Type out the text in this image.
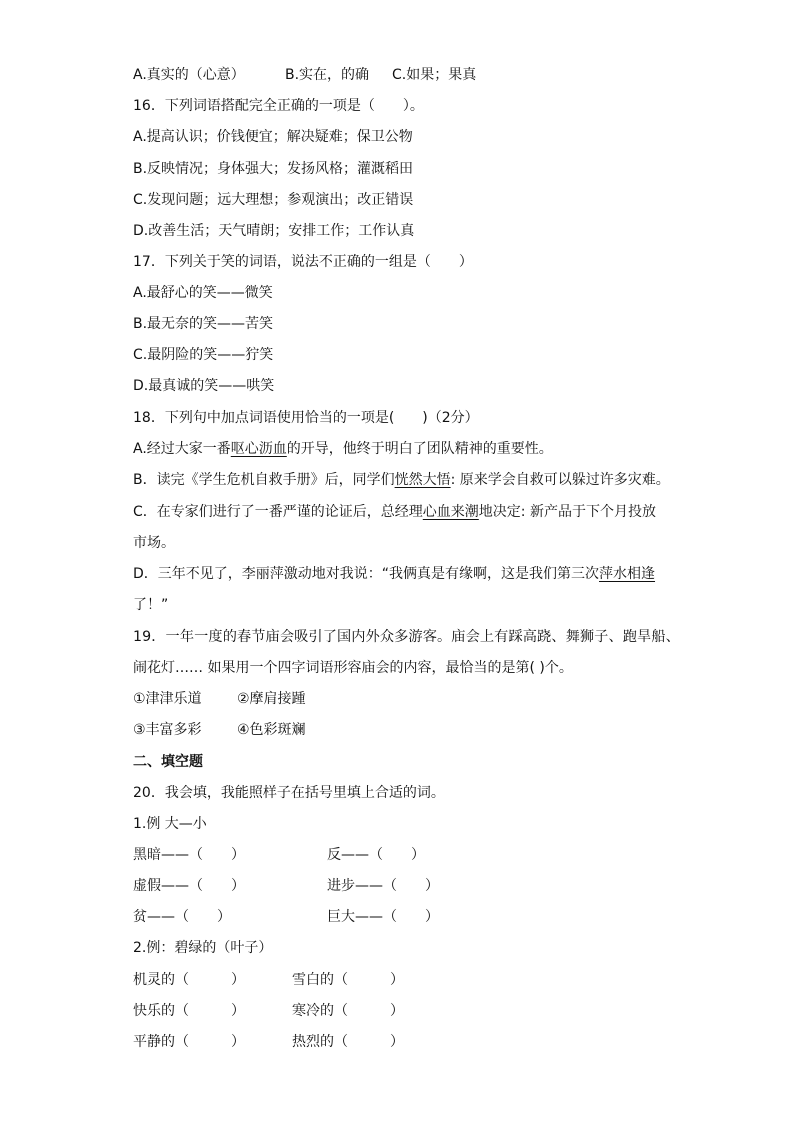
A.真实的（心意）	B.实在，的确 C.如果；果真
16．下列词语搭配完全正确的一项是（　　）。
A.提高认识；价钱便宜；解决疑难；保卫公物
B.反映情况；身体强大；发扬风格；灌溉稻田
C.发现问题；远大理想；参观演出；改正错误
D.改善生活；天气晴朗；安排工作；工作认真
17．下列关于笑的词语，说法不正确的一组是（　　）
A.最舒心的笑——微笑
B.最无奈的笑——苦笑
C.最阴险的笑——狞笑
D.最真诚的笑——哄笑
18．下列句中加点词语使用恰当的一项是(　　)（2分）
A.经过大家一番呕心沥血的开导，他终于明白了团队精神的重要性。
B．读完《学生危机自救手册》后，同学们恍然大悟: 原来学会自救可以躲过许多灾难。
C．在专家们进行了一番严谨的论证后，总经理心血来潮地决定: 新产品于下个月投放
市场。
D．三年不见了，李丽萍激动地对我说：“我俩真是有缘啊，这是我们第三次萍水相逢
了！”
19．一年一度的春节庙会吸引了国内外众多游客。庙会上有踩高跷、舞狮子、跑旱船、
闹花灯…… 如果用一个四字词语形容庙会的内容，最恰当的是第( )个。
①津津乐道	②摩肩接踵
③丰富多彩	④色彩斑斓
二、填空题
20．我会填，我能照样子在括号里填上合适的词。
1.例 大—小
黑暗——（　　）	反——（　　）
虚假——（　　）	进步——（　　）
贫——（　　）	巨大——（　　）
2.例：碧绿的（叶子）
机灵的（　　　）	雪白的（　　　）
快乐的（　　　）	寒冷的（　　　）
平静的（　　　）	热烈的（　　　）
